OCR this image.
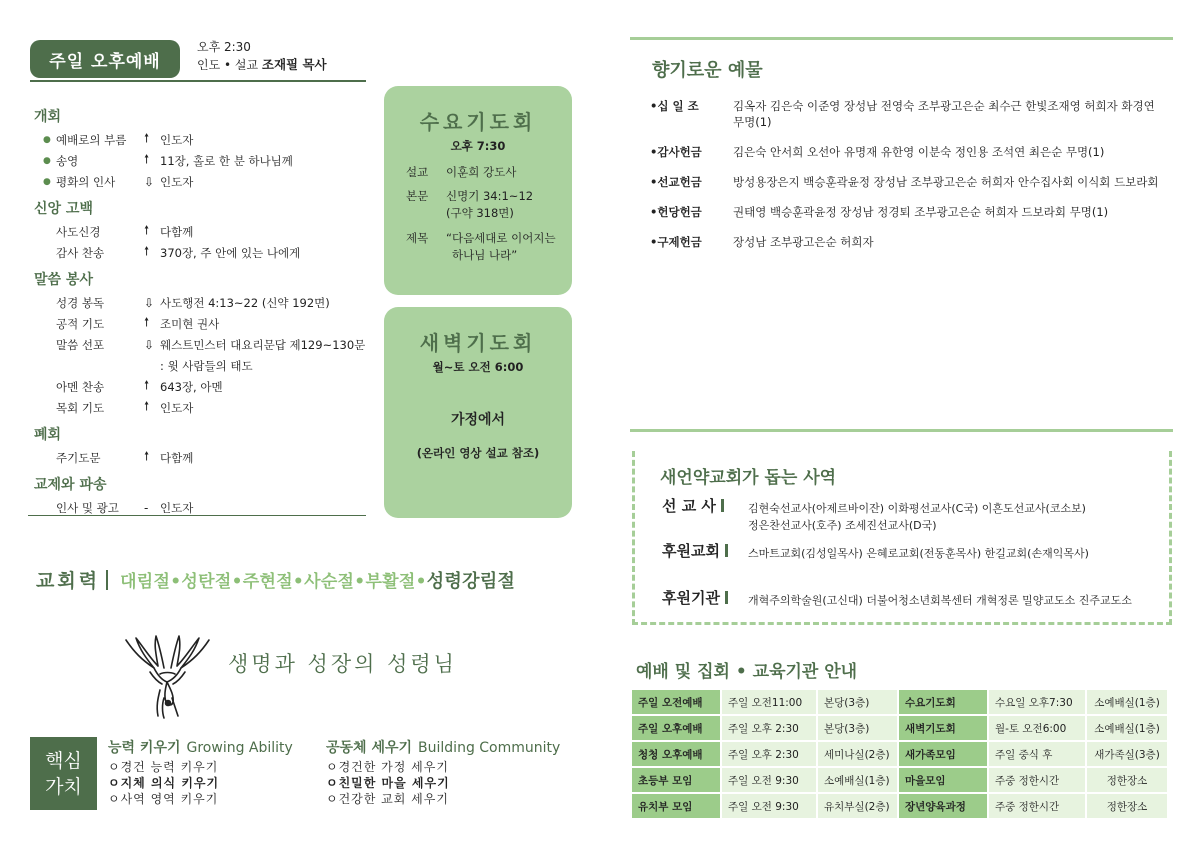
주일 오후예배
오후 2:30
인도 • 설교 조재필 목사
개회
● 예배로의 부름	🠕 인도자
● 송영	🠕 11장, 홀로 한 분 하나님께
● 평화의 인사	⇩ 인도자
신앙 고백
사도신경	🠕 다함께
감사 찬송	🠕 370장, 주 안에 있는 나에게
말씀 봉사
성경 봉독	⇩ 사도행전 4:13~22 (신약 192면)
공적 기도	🠕 조미현 권사
말씀 선포	⇩ 웨스트민스터 대요리문답 제129~130문
: 윗 사람들의 태도
아멘 찬송	🠕 643장, 아멘
목회 기도	🠕 인도자
폐회
주기도문	🠕 다함께
교제와 파송
인사 및 광고	-	인도자
수요기도회
오후 7:30
설교	이훈희 강도사
본문	신명기 34:1~12
(구약 318면)
제목	“다음세대로 이어지는
하나님 나라”
새벽기도회
월~토 오전 6:00
가정에서
(온라인 영상 설교 참조)
교회력 대림절•성탄절•주현절•사순절•부활절•성령강림절
생명과 성장의 성령님
핵심
가치
능력 키우기 Growing Ability
ㅇ경건 능력 키우기
ㅇ지체 의식 키우기
ㅇ사역 영역 키우기
공동체 세우기 Building Community
ㅇ경건한 가정 세우기
ㅇ친밀한 마을 세우기
ㅇ건강한 교회 세우기
향기로운 예물
•십 일 조	김옥자 김은숙 이준영 장성남 전영숙 조부광고은순 최수근 한빛조재영 허희자 화경연 무명(1)
•감사헌금	김은숙 안서희 오선아 유명재 유한영 이분숙 정인용 조석연 최은순 무명(1)
•선교헌금	방성용장은지 백승훈곽윤정 장성남 조부광고은순 허희자 안수집사회 이식회 드보라회
•헌당헌금	권태영 백승훈곽윤정 장성남 정경퇴 조부광고은순 허희자 드보라회 무명(1)
•구제헌금	장성남 조부광고은순 허희자
새언약교회가 돕는 사역
선 교 사	김현숙선교사(아제르바이잔) 이화평선교사(C국) 이흔도선교사(코소보)
정은찬선교사(호주) 조세진선교사(D국)
후원교회	스마트교회(김성일목사) 은혜로교회(전동훈목사) 한길교회(손재익목사)
후원기관	개혁주의학술원(고신대) 더불어청소년회복센터 개혁정론 밀양교도소 진주교도소
예배 및 집회 • 교육기관 안내
주일 오전예배	주일 오전11:00	본당(3층)	수요기도회	수요일 오후7:30	소예배실(1층)
주일 오후예배	주일 오후 2:30	본당(3층)	새벽기도회	월-토 오전6:00	소예배실(1층)
청청 오후예배	주일 오후 2:30	세미나실(2층)	새가족모임	주일 중식 후	새가족실(3층)
초등부 모임	주일 오전 9:30	소예배실(1층)	마을모임	주중 정한시간	정한장소
유치부 모임	주일 오전 9:30	유치부실(2층)	장년양육과정	주중 정한시간	정한장소
